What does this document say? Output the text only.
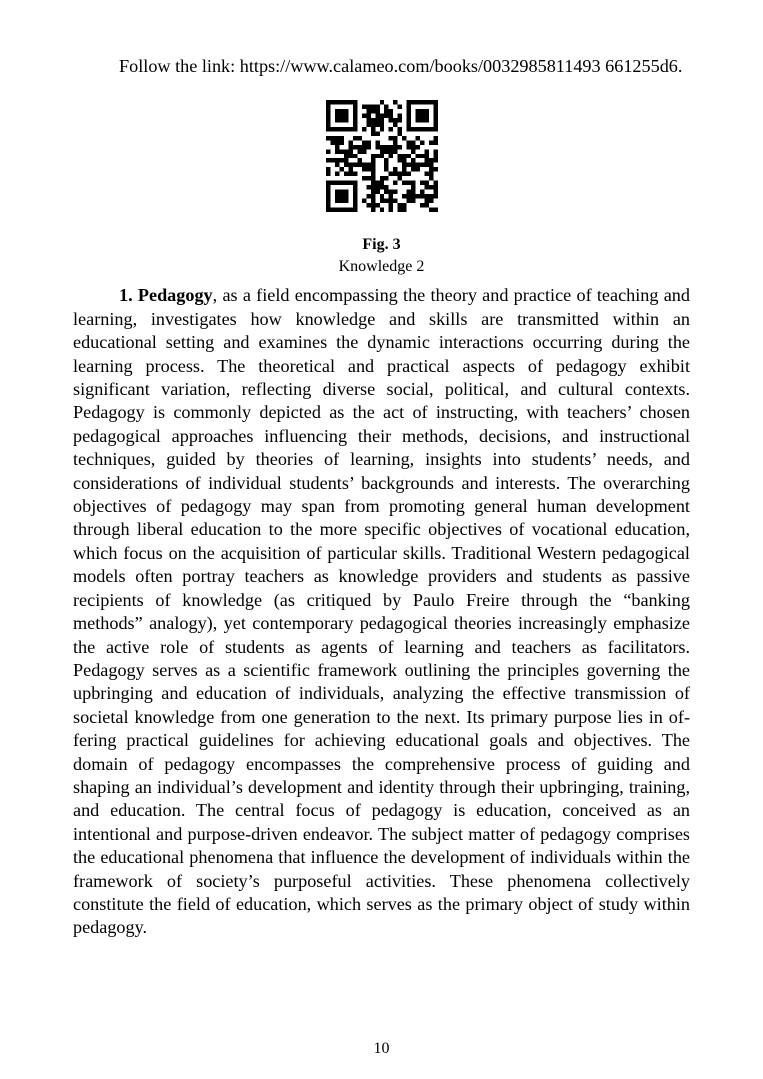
Follow the link: https://www.calameo.com/books/0032985811493 661255d6.

Fig. 3
Knowledge 2

1. Pedagogy, as a field encompassing the theory and practice of teaching and learning, investigates how knowledge and skills are transmitted within an educational setting and examines the dynamic interactions occurring during the learning process. The theoretical and practical aspects of pedagogy exhibit significant variation, reflecting diverse social, political, and cultural contexts. Pedagogy is commonly depicted as the act of instructing, with teachers’ chosen pedagogical approaches influencing their methods, decisions, and instructional techniques, guided by theories of learning, insights into students’ needs, and considerations of individual students’ backgrounds and interests. The overarching objectives of pedagogy may span from promoting general human development through liberal education to the more specific objectives of vocational education, which focus on the acquisition of particular skills. Traditional Western pedagogical models often portray teachers as knowledge providers and students as passive recipients of knowledge (as critiqued by Paulo Freire through the “banking methods” analogy), yet contemporary pedagogical theories increasingly emphasize the active role of students as agents of learning and teachers as facilitators. Pedagogy serves as a scientific framework outlining the principles governing the upbringing and education of individuals, analyzing the effective transmission of societal knowledge from one generation to the next. Its primary purpose lies in offering practical guidelines for achieving educational goals and objectives. The domain of pedagogy encompasses the comprehensive process of guiding and shaping an individual’s development and identity through their upbringing, training, and education. The central focus of pedagogy is education, conceived as an intentional and purpose-driven endeavor. The subject matter of pedagogy comprises the educational phenomena that influence the development of individuals within the framework of society’s purposeful activities. These phenomena collectively constitute the field of education, which serves as the primary object of study within pedagogy.

10
